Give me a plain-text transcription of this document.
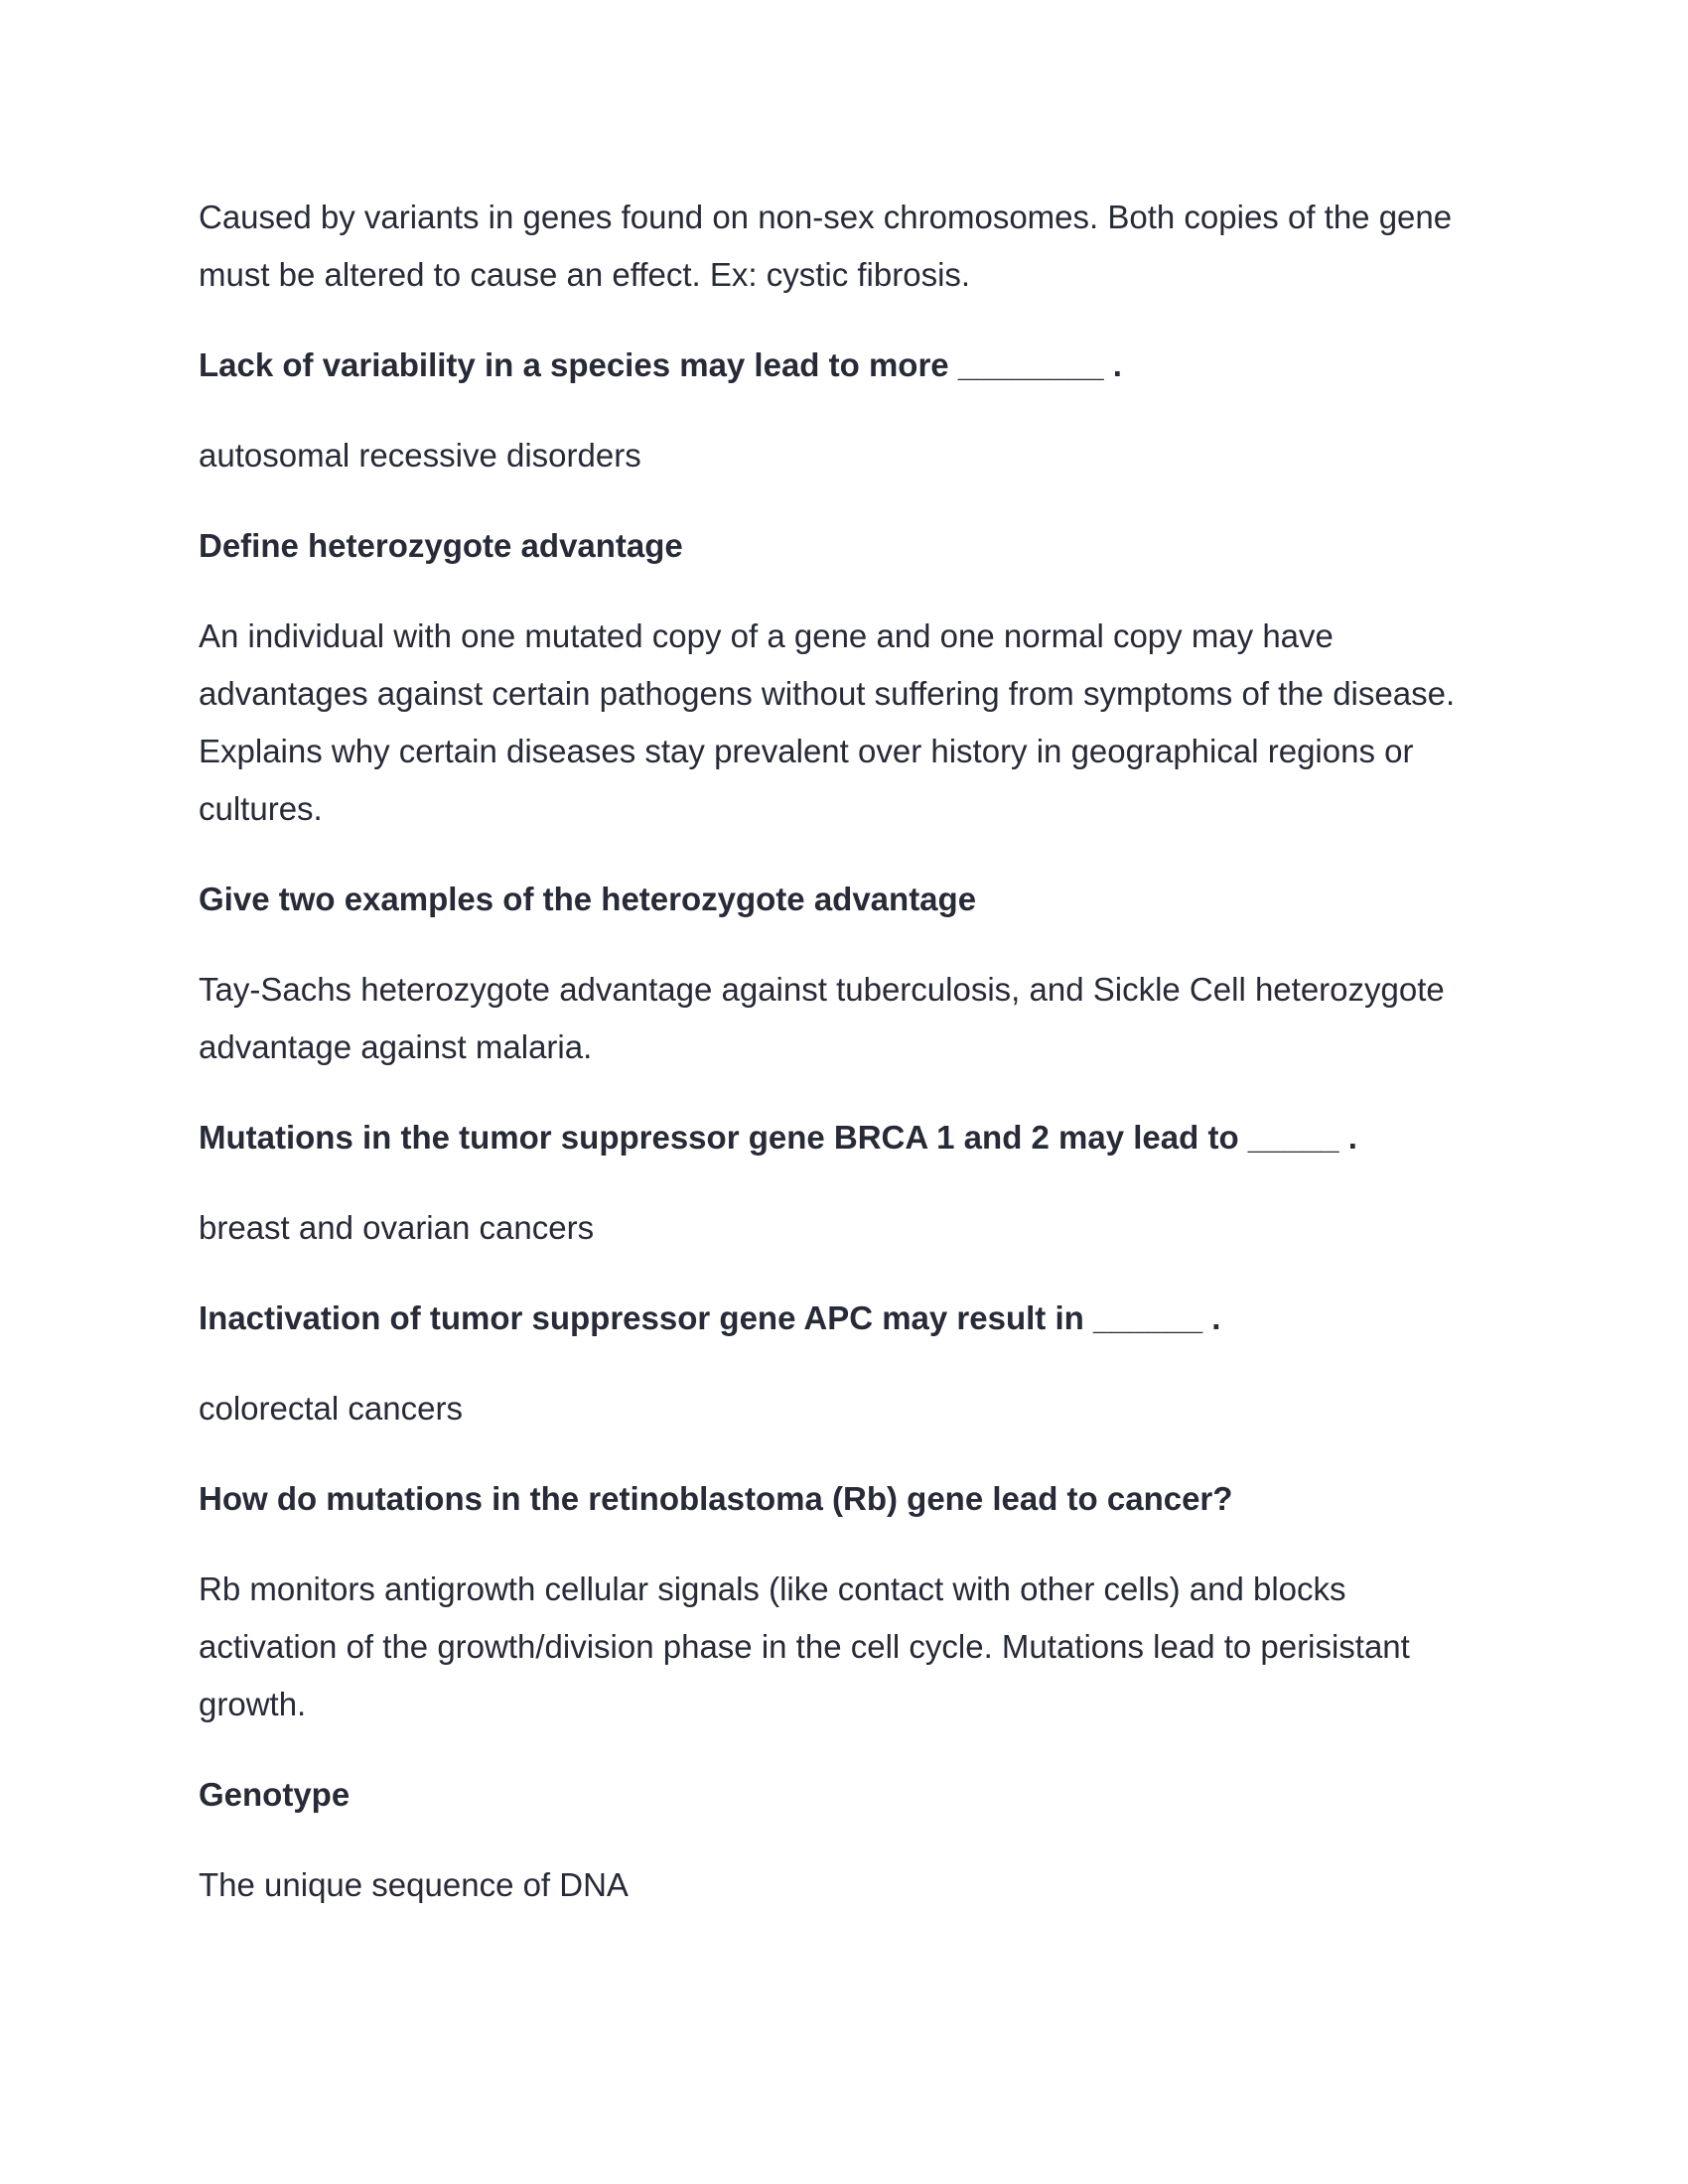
Caused by variants in genes found on non-sex chromosomes. Both copies of the gene must be altered to cause an effect. Ex: cystic fibrosis.

Lack of variability in a species may lead to more ________ .

autosomal recessive disorders

Define heterozygote advantage

An individual with one mutated copy of a gene and one normal copy may have advantages against certain pathogens without suffering from symptoms of the disease. Explains why certain diseases stay prevalent over history in geographical regions or cultures.

Give two examples of the heterozygote advantage

Tay-Sachs heterozygote advantage against tuberculosis, and Sickle Cell heterozygote advantage against malaria.

Mutations in the tumor suppressor gene BRCA 1 and 2 may lead to _____ .

breast and ovarian cancers

Inactivation of tumor suppressor gene APC may result in ______ .

colorectal cancers

How do mutations in the retinoblastoma (Rb) gene lead to cancer?

Rb monitors antigrowth cellular signals (like contact with other cells) and blocks activation of the growth/division phase in the cell cycle. Mutations lead to perisistant growth.

Genotype

The unique sequence of DNA
